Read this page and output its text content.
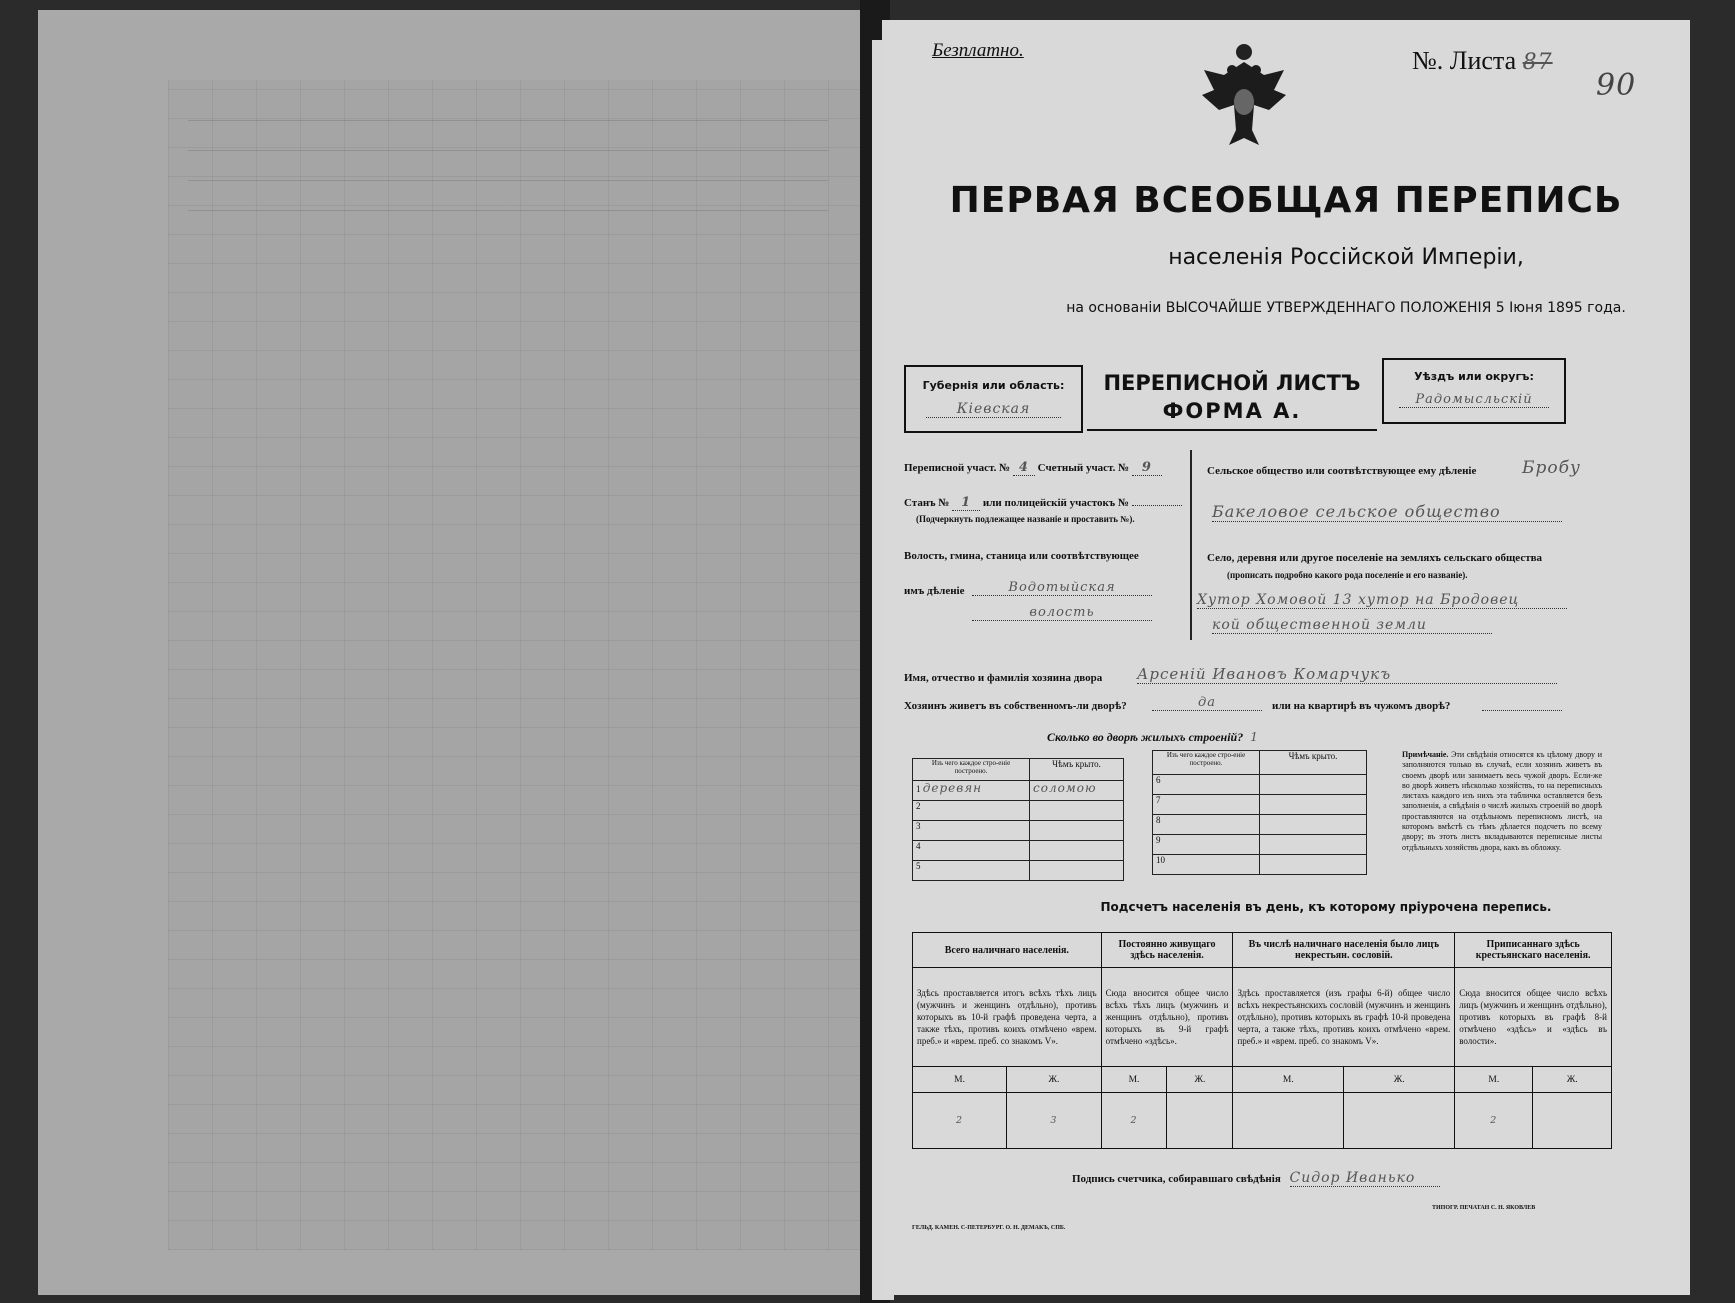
Безплатно.	№. Листа 87
90
ПЕРВАЯ ВСЕОБЩАЯ ПЕРЕПИСЬ
населенія Россійской Имперіи,
на основаніи ВЫСОЧАЙШЕ УТВЕРЖДЕННАГО ПОЛОЖЕНІЯ 5 Іюня 1895 года.
Губернія или область:
Кіевская
ПЕРЕПИСНОЙ ЛИСТЪ
ФОРМА А.
Уѣздъ или округъ:
Радомысльскій
Переписной участ. № 4 Счетный участ. № 9
Станъ № 1 или полицейскій участокъ №
(Подчеркнуть подлежащее названіе и проставить №).
Волость, гмина, станица или соотвѣтствующее
имъ дѣленіе	Водотыйская
волость
Сельское общество или соотвѣтствующее ему дѣленіе	Бробу
Бакеловое сельское общество
Село, деревня или другое поселеніе на земляхъ сельскаго общества
(прописать подробно какого рода поселеніе и его названіе).
Хутор Хомовой 13 хутор на Бродовец
кой общественной земли
Имя, отчество и фамилія хозяина двора Арсеній Ивановъ Комарчукъ
Хозяинъ живетъ въ собственномъ-ли дворѣ?	да	или на квартирѣ въ чужомъ дворѣ?
Сколько во дворѣ жилыхъ строеній? 1
Изъ чего каждое стро-еніе построено.	Чѣмъ крыто.
1 деревян	соломою
2	
3	
4	
5	
Изъ чего каждое стро-еніе построено.	Чѣмъ крыто.
6	
7	
8	
9	
10	
Примѣчаніе. Эти свѣдѣнія относятся къ цѣлому двору и заполняются только въ случаѣ, если хозяинъ живетъ въ своемъ дворѣ или занимаетъ весь чужой дворъ. Если-же во дворѣ живетъ нѣсколько хозяйствъ, то на переписныхъ листахъ каждого изъ нихъ эта табличка оставляется безъ заполненія, а свѣдѣнія о числѣ жилыхъ строеній во дворѣ проставляются на отдѣльномъ переписномъ листѣ, на которомъ вмѣстѣ съ тѣмъ дѣлается подсчетъ по всему двору; въ этотъ листъ вкладываются переписные листы отдѣльныхъ хозяйствъ двора, какъ въ обложку.
Подсчетъ населенія въ день, къ которому пріурочена перепись.
Всего наличнаго населенія.		Постоянно живущаго здѣсь населенія.		Въ числѣ наличнаго населенія было лицъ некрестьян. сословій.		Приписаннаго здѣсь крестьянскаго населенія.	
Здѣсь проставляется итогъ всѣхъ тѣхъ лицъ (мужчинъ и женщинъ отдѣльно), противъ которыхъ въ 10-й графѣ проведена черта, а также тѣхъ, противъ коихъ отмѣчено «врем. преб.» и «врем. преб. со знакомъ V».		Сюда вносится общее число всѣхъ тѣхъ лицъ (мужчинъ и женщинъ отдѣльно), противъ которыхъ въ 9-й графѣ отмѣчено «здѣсь».		Здѣсь проставляется (изъ графы 6-й) общее число всѣхъ некрестьянскихъ сословій (мужчинъ и женщинъ отдѣльно), противъ которыхъ въ графѣ 10-й проведена черта, а также тѣхъ, противъ коихъ отмѣчено «врем. преб.» и «врем. преб. со знакомъ V».		Сюда вносится общее число всѣхъ лицъ (мужчинъ и женщинъ отдѣльно), противъ которыхъ въ графѣ 8-й отмѣчено «здѣсь» и «здѣсь въ волости».	
М.	Ж.	М.	Ж.	М.	Ж.	М.	Ж.
2	3	2				2	
Подпись счетчика, собиравшаго свѣдѣнія Сидор Иванько
ГЕЛЬД. КАМЕН. С-ПЕТЕРБУРГ. О. Н. ДЕМАКЪ, СПБ.
ТИПОГР. ПЕЧАТАН С. Н. ЯКОВЛЕВ
